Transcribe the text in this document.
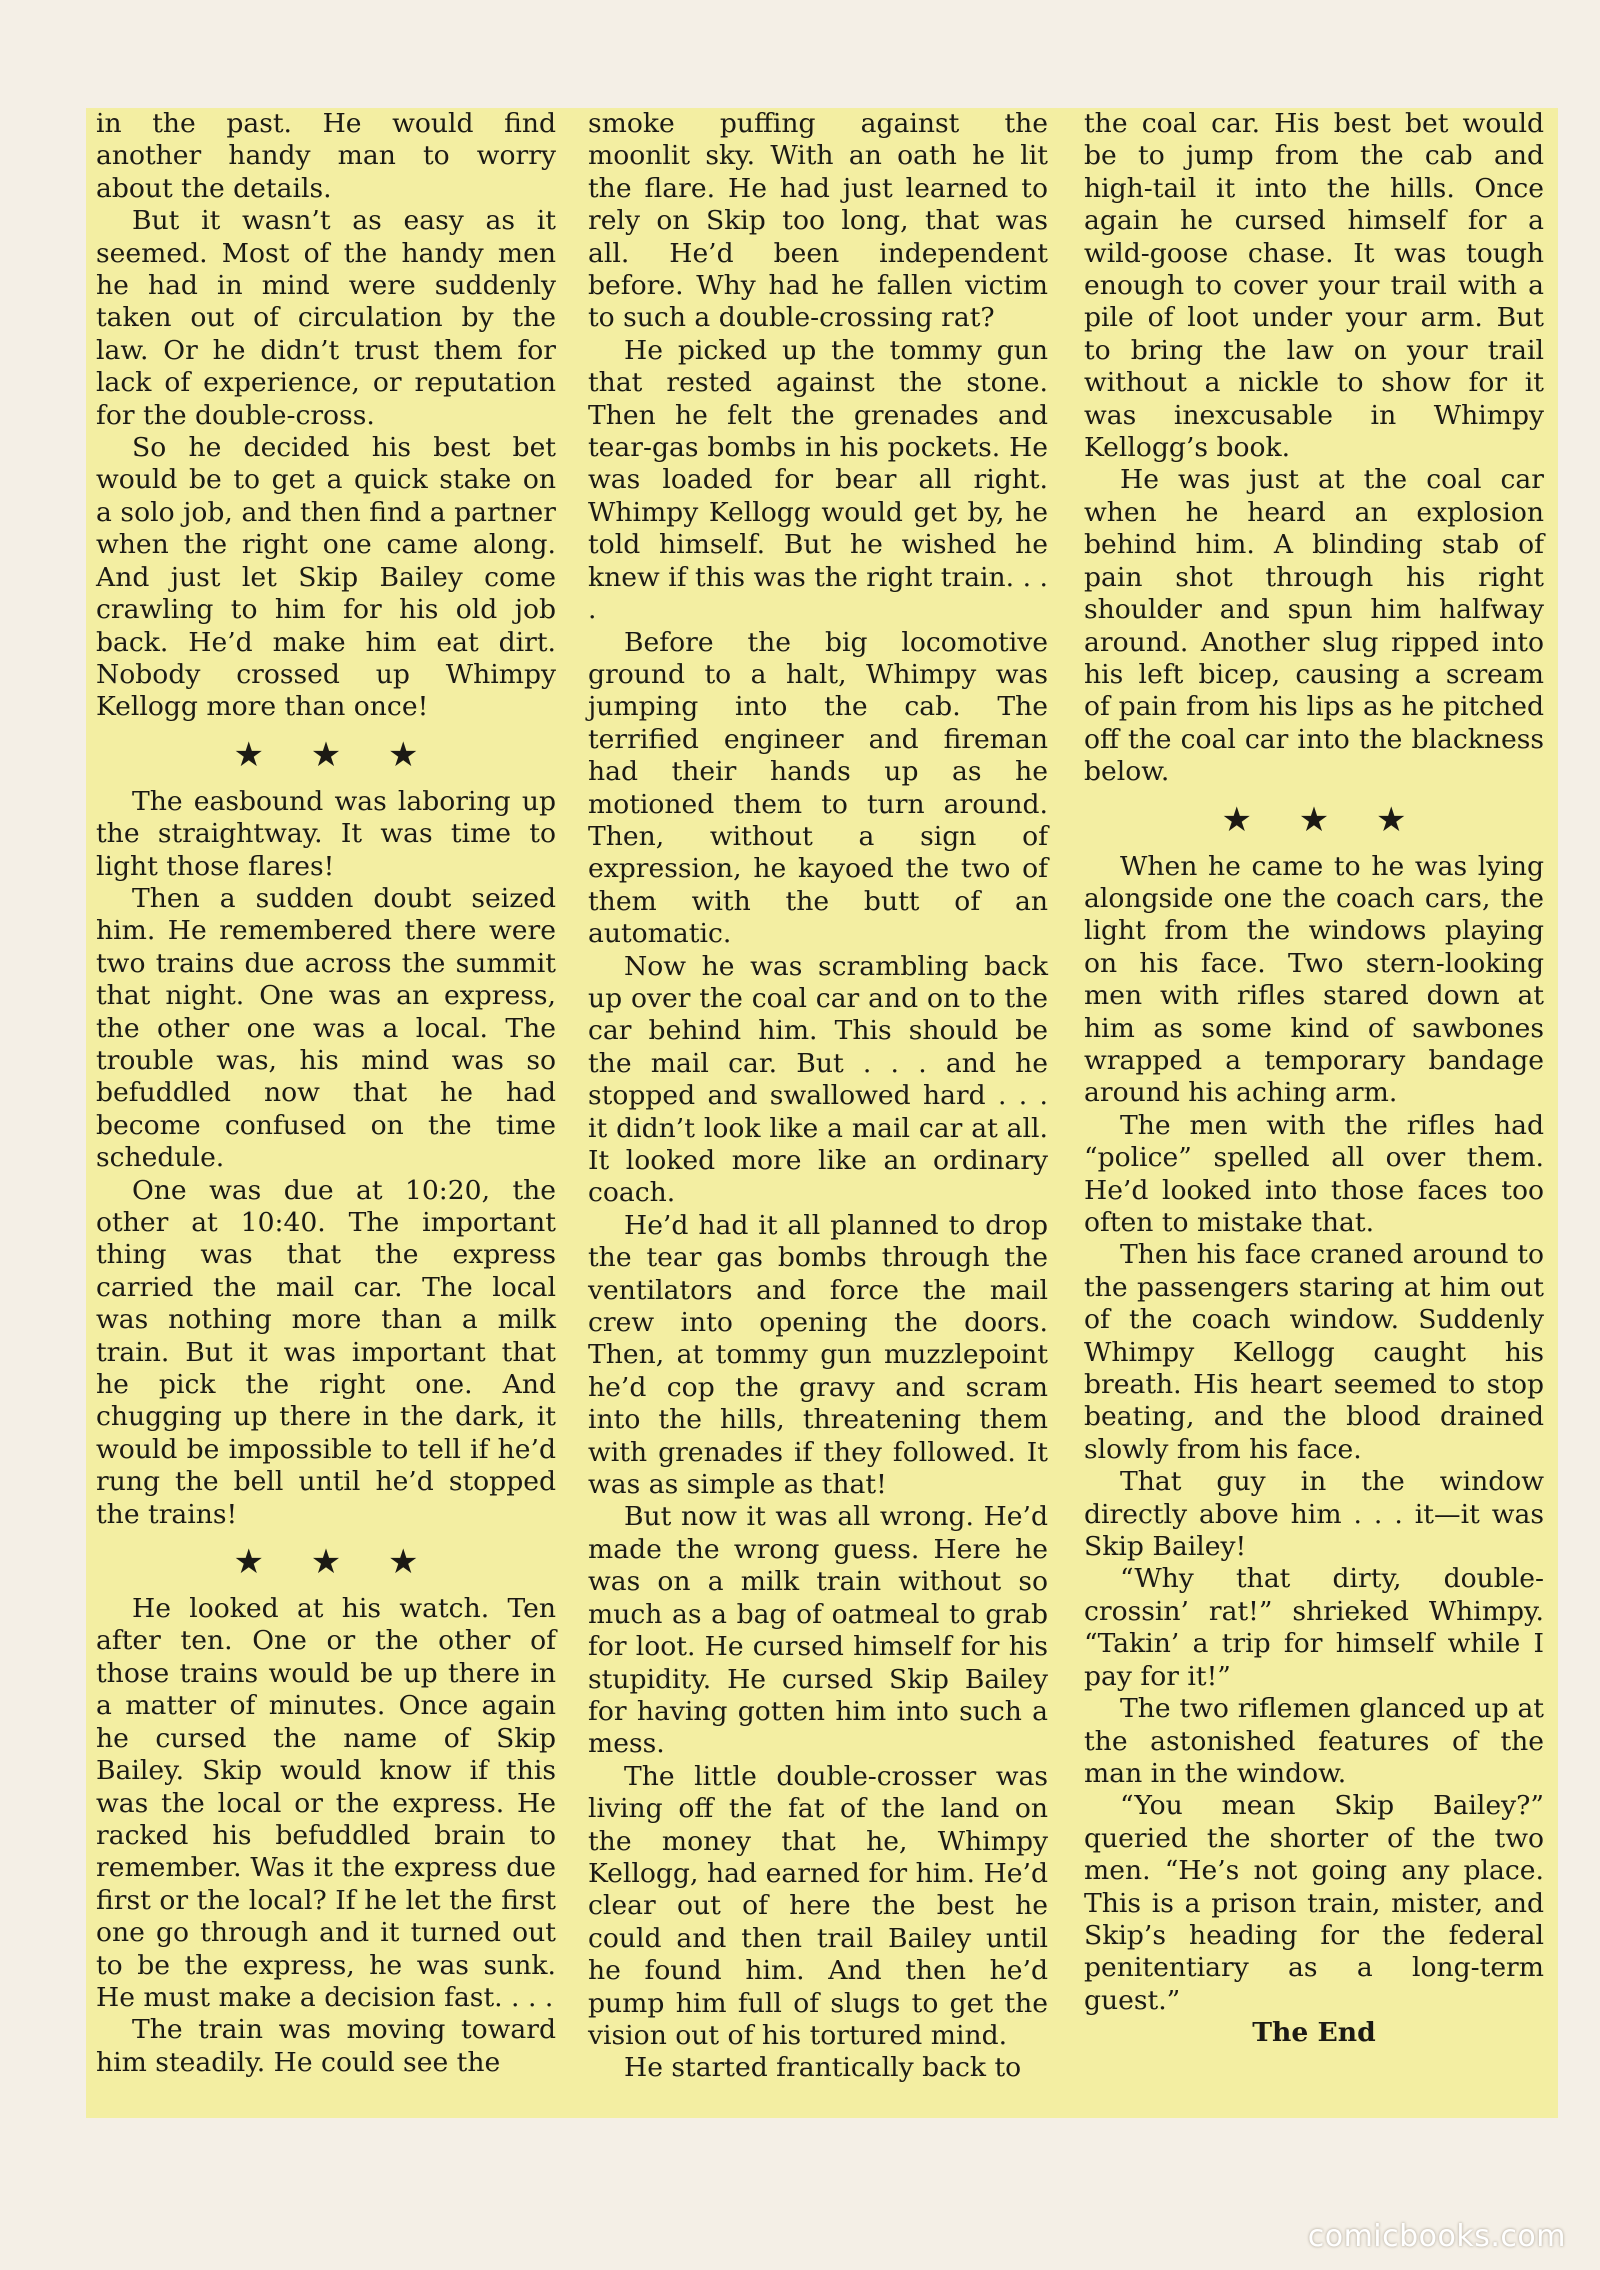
in the past. He would find another handy man to worry about the details.

But it wasn’t as easy as it seemed. Most of the handy men he had in mind were suddenly taken out of circulation by the law. Or he didn’t trust them for lack of experience, or reputation for the double-cross.

So he decided his best bet would be to get a quick stake on a solo job, and then find a partner when the right one came along. And just let Skip Bailey come crawling to him for his old job back. He’d make him eat dirt. Nobody crossed up Whimpy Kellogg more than once!

★ ★ ★

The easbound was laboring up the straightway. It was time to light those flares!

Then a sudden doubt seized him. He remembered there were two trains due across the summit that night. One was an express, the other one was a local. The trouble was, his mind was so befuddled now that he had become confused on the time schedule.

One was due at 10:20, the other at 10:40. The important thing was that the express carried the mail car. The local was nothing more than a milk train. But it was important that he pick the right one. And chugging up there in the dark, it would be impossible to tell if he’d rung the bell until he’d stopped the trains!

★ ★ ★

He looked at his watch. Ten after ten. One or the other of those trains would be up there in a matter of minutes. Once again he cursed the name of Skip Bailey. Skip would know if this was the local or the express. He racked his befuddled brain to remember. Was it the express due first or the local? If he let the first one go through and it turned out to be the express, he was sunk. He must make a decision fast. . . .

The train was moving toward him steadily. He could see the

smoke puffing against the moonlit sky. With an oath he lit the flare. He had just learned to rely on Skip too long, that was all. He’d been independent before. Why had he fallen victim to such a double-crossing rat?

He picked up the tommy gun that rested against the stone. Then he felt the grenades and tear-gas bombs in his pockets. He was loaded for bear all right. Whimpy Kellogg would get by, he told himself. But he wished he knew if this was the right train. . . .

Before the big locomotive ground to a halt, Whimpy was jumping into the cab. The terrified engineer and fireman had their hands up as he motioned them to turn around. Then, without a sign of expression, he kayoed the two of them with the butt of an automatic.

Now he was scrambling back up over the coal car and on to the car behind him. This should be the mail car. But . . . and he stopped and swallowed hard . . . it didn’t look like a mail car at all. It looked more like an ordinary coach.

He’d had it all planned to drop the tear gas bombs through the ventilators and force the mail crew into opening the doors. Then, at tommy gun muzzlepoint he’d cop the gravy and scram into the hills, threatening them with grenades if they followed. It was as simple as that!

But now it was all wrong. He’d made the wrong guess. Here he was on a milk train without so much as a bag of oatmeal to grab for loot. He cursed himself for his stupidity. He cursed Skip Bailey for having gotten him into such a mess.

The little double-crosser was living off the fat of the land on the money that he, Whimpy Kellogg, had earned for him. He’d clear out of here the best he could and then trail Bailey until he found him. And then he’d pump him full of slugs to get the vision out of his tortured mind.

He started frantically back to

the coal car. His best bet would be to jump from the cab and high-tail it into the hills. Once again he cursed himself for a wild-goose chase. It was tough enough to cover your trail with a pile of loot under your arm. But to bring the law on your trail without a nickle to show for it was inexcusable in Whimpy Kellogg’s book.

He was just at the coal car when he heard an explosion behind him. A blinding stab of pain shot through his right shoulder and spun him halfway around. Another slug ripped into his left bicep, causing a scream of pain from his lips as he pitched off the coal car into the blackness below.

★ ★ ★

When he came to he was lying alongside one the coach cars, the light from the windows playing on his face. Two stern-looking men with rifles stared down at him as some kind of sawbones wrapped a temporary bandage around his aching arm.

The men with the rifles had “police” spelled all over them. He’d looked into those faces too often to mistake that.

Then his face craned around to the passengers staring at him out of the coach window. Suddenly Whimpy Kellogg caught his breath. His heart seemed to stop beating, and the blood drained slowly from his face.

That guy in the window directly above him . . . it—it was Skip Bailey!

“Why that dirty, double-crossin’ rat!” shrieked Whimpy. “Takin’ a trip for himself while I pay for it!”

The two riflemen glanced up at the astonished features of the man in the window.

“You mean Skip Bailey?” queried the shorter of the two men. “He’s not going any place. This is a prison train, mister, and Skip’s heading for the federal penitentiary as a long-term guest.”

The End

comicbooks.com
